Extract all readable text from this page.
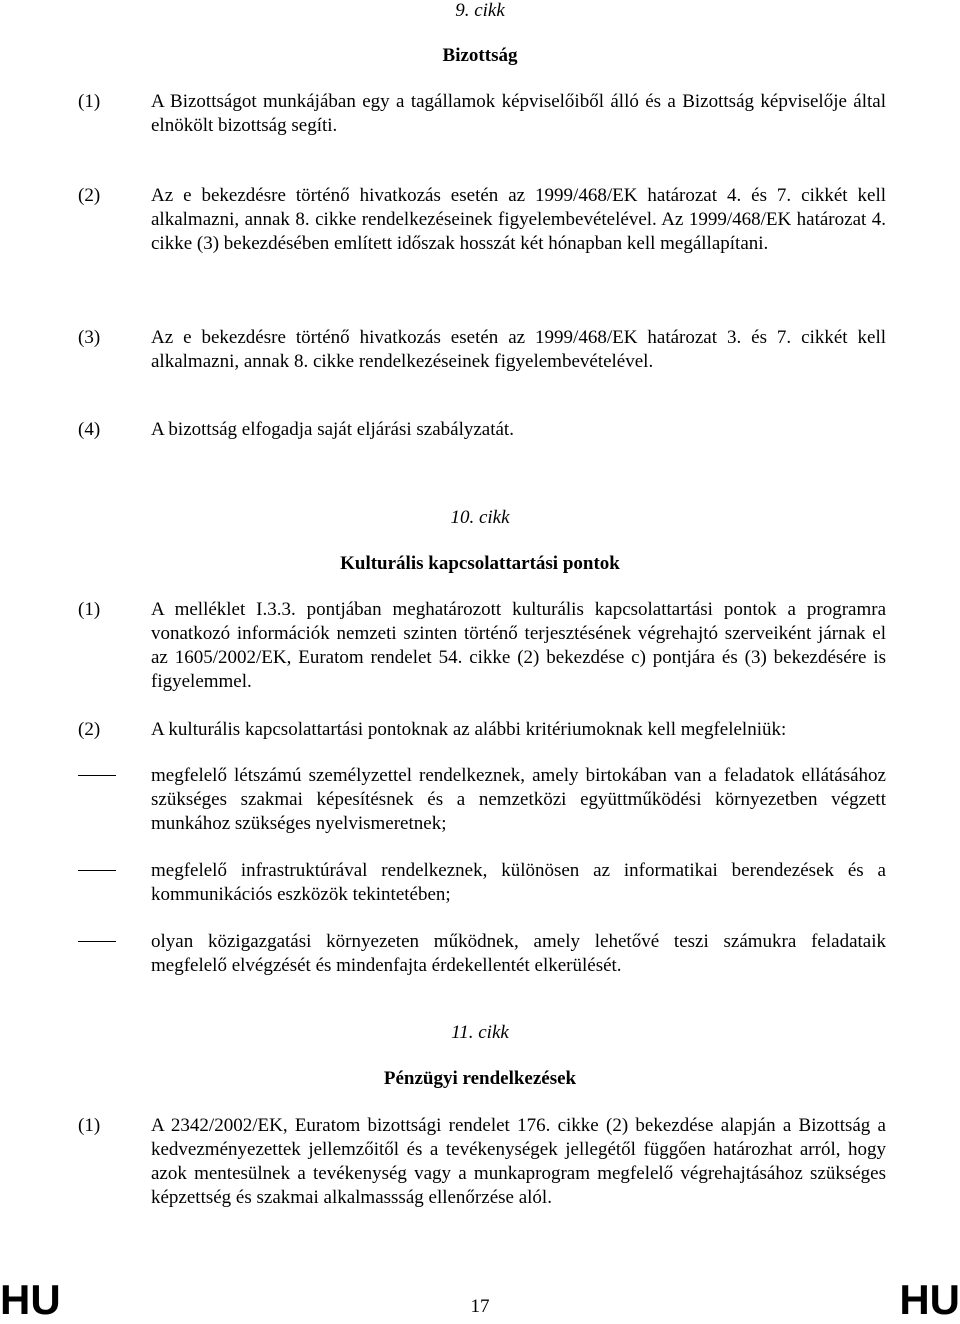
9. cikk
Bizottság
(1)	A Bizottságot munkájában egy a tagállamok képviselőiből álló és a Bizottság képviselője által elnökölt bizottság segíti.
(2)	Az e bekezdésre történő hivatkozás esetén az 1999/468/EK határozat 4. és 7. cikkét kell alkalmazni, annak 8. cikke rendelkezéseinek figyelembevételével. Az 1999/468/EK határozat 4. cikke (3) bekezdésében említett időszak hosszát két hónapban kell megállapítani.
(3)	Az e bekezdésre történő hivatkozás esetén az 1999/468/EK határozat 3. és 7. cikkét kell alkalmazni, annak 8. cikke rendelkezéseinek figyelembevételével.
(4)	A bizottság elfogadja saját eljárási szabályzatát.
10. cikk
Kulturális kapcsolattartási pontok
(1)	A melléklet I.3.3. pontjában meghatározott kulturális kapcsolattartási pontok a programra vonatkozó információk nemzeti szinten történő terjesztésének végrehajtó szerveiként járnak el az 1605/2002/EK, Euratom rendelet 54. cikke (2) bekezdése c) pontjára és (3) bekezdésére is figyelemmel.
(2)	A kulturális kapcsolattartási pontoknak az alábbi kritériumoknak kell megfelelniük:
megfelelő létszámú személyzettel rendelkeznek, amely birtokában van a feladatok ellátásához szükséges szakmai képesítésnek és a nemzetközi együttműködési környezetben végzett munkához szükséges nyelvismeretnek;
megfelelő infrastruktúrával rendelkeznek, különösen az informatikai berendezések és a kommunikációs eszközök tekintetében;
olyan közigazgatási környezeten működnek, amely lehetővé teszi számukra feladataik megfelelő elvégzését és mindenfajta érdekellentét elkerülését.
11. cikk
Pénzügyi rendelkezések
(1)	A 2342/2002/EK, Euratom bizottsági rendelet 176. cikke (2) bekezdése alapján a Bizottság a kedvezményezettek jellemzőitől és a tevékenységek jellegétől függően határozhat arról, hogy azok mentesülnek a tevékenység vagy a munkaprogram megfelelő végrehajtásához szükséges képzettség és szakmai alkalmassság ellenőrzése alól.
HU	17	HU
